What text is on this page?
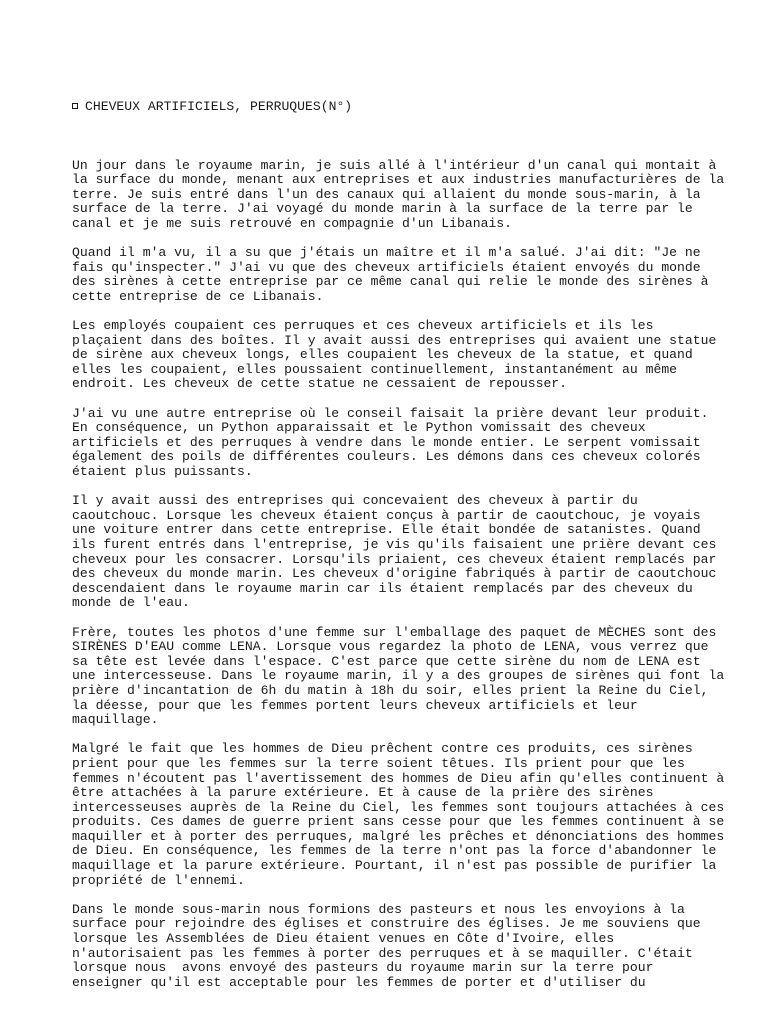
CHEVEUX ARTIFICIELS, PERRUQUES(N°)

Un jour dans le royaume marin, je suis allé à l'intérieur d'un canal qui montait à
la surface du monde, menant aux entreprises et aux industries manufacturières de la
terre. Je suis entré dans l'un des canaux qui allaient du monde sous-marin, à la
surface de la terre. J'ai voyagé du monde marin à la surface de la terre par le
canal et je me suis retrouvé en compagnie d'un Libanais.
Quand il m'a vu, il a su que j'étais un maître et il m'a salué. J'ai dit: "Je ne
fais qu'inspecter." J'ai vu que des cheveux artificiels étaient envoyés du monde
des sirènes à cette entreprise par ce même canal qui relie le monde des sirènes à
cette entreprise de ce Libanais.
Les employés coupaient ces perruques et ces cheveux artificiels et ils les
plaçaient dans des boîtes. Il y avait aussi des entreprises qui avaient une statue
de sirène aux cheveux longs, elles coupaient les cheveux de la statue, et quand
elles les coupaient, elles poussaient continuellement, instantanément au même
endroit. Les cheveux de cette statue ne cessaient de repousser.
J'ai vu une autre entreprise où le conseil faisait la prière devant leur produit.
En conséquence, un Python apparaissait et le Python vomissait des cheveux
artificiels et des perruques à vendre dans le monde entier. Le serpent vomissait
également des poils de différentes couleurs. Les démons dans ces cheveux colorés
étaient plus puissants.
Il y avait aussi des entreprises qui concevaient des cheveux à partir du
caoutchouc. Lorsque les cheveux étaient conçus à partir de caoutchouc, je voyais
une voiture entrer dans cette entreprise. Elle était bondée de satanistes. Quand
ils furent entrés dans l'entreprise, je vis qu'ils faisaient une prière devant ces
cheveux pour les consacrer. Lorsqu'ils priaient, ces cheveux étaient remplacés par
des cheveux du monde marin. Les cheveux d'origine fabriqués à partir de caoutchouc
descendaient dans le royaume marin car ils étaient remplacés par des cheveux du
monde de l'eau.
Frère, toutes les photos d'une femme sur l'emballage des paquet de MÈCHES sont des
SIRÈNES D'EAU comme LENA. Lorsque vous regardez la photo de LENA, vous verrez que
sa tête est levée dans l'espace. C'est parce que cette sirène du nom de LENA est
une intercesseuse. Dans le royaume marin, il y a des groupes de sirènes qui font la
prière d'incantation de 6h du matin à 18h du soir, elles prient la Reine du Ciel,
la déesse, pour que les femmes portent leurs cheveux artificiels et leur
maquillage.
Malgré le fait que les hommes de Dieu prêchent contre ces produits, ces sirènes
prient pour que les femmes sur la terre soient têtues. Ils prient pour que les
femmes n'écoutent pas l'avertissement des hommes de Dieu afin qu'elles continuent à
être attachées à la parure extérieure. Et à cause de la prière des sirènes
intercesseuses auprès de la Reine du Ciel, les femmes sont toujours attachées à ces
produits. Ces dames de guerre prient sans cesse pour que les femmes continuent à se
maquiller et à porter des perruques, malgré les prêches et dénonciations des hommes
de Dieu. En conséquence, les femmes de la terre n'ont pas la force d'abandonner le
maquillage et la parure extérieure. Pourtant, il n'est pas possible de purifier la
propriété de l'ennemi.
Dans le monde sous-marin nous formions des pasteurs et nous les envoyions à la
surface pour rejoindre des églises et construire des églises. Je me souviens que
lorsque les Assemblées de Dieu étaient venues en Côte d'Ivoire, elles
n'autorisaient pas les femmes à porter des perruques et à se maquiller. C'était
lorsque nous  avons envoyé des pasteurs du royaume marin sur la terre pour
enseigner qu'il est acceptable pour les femmes de porter et d'utiliser du
